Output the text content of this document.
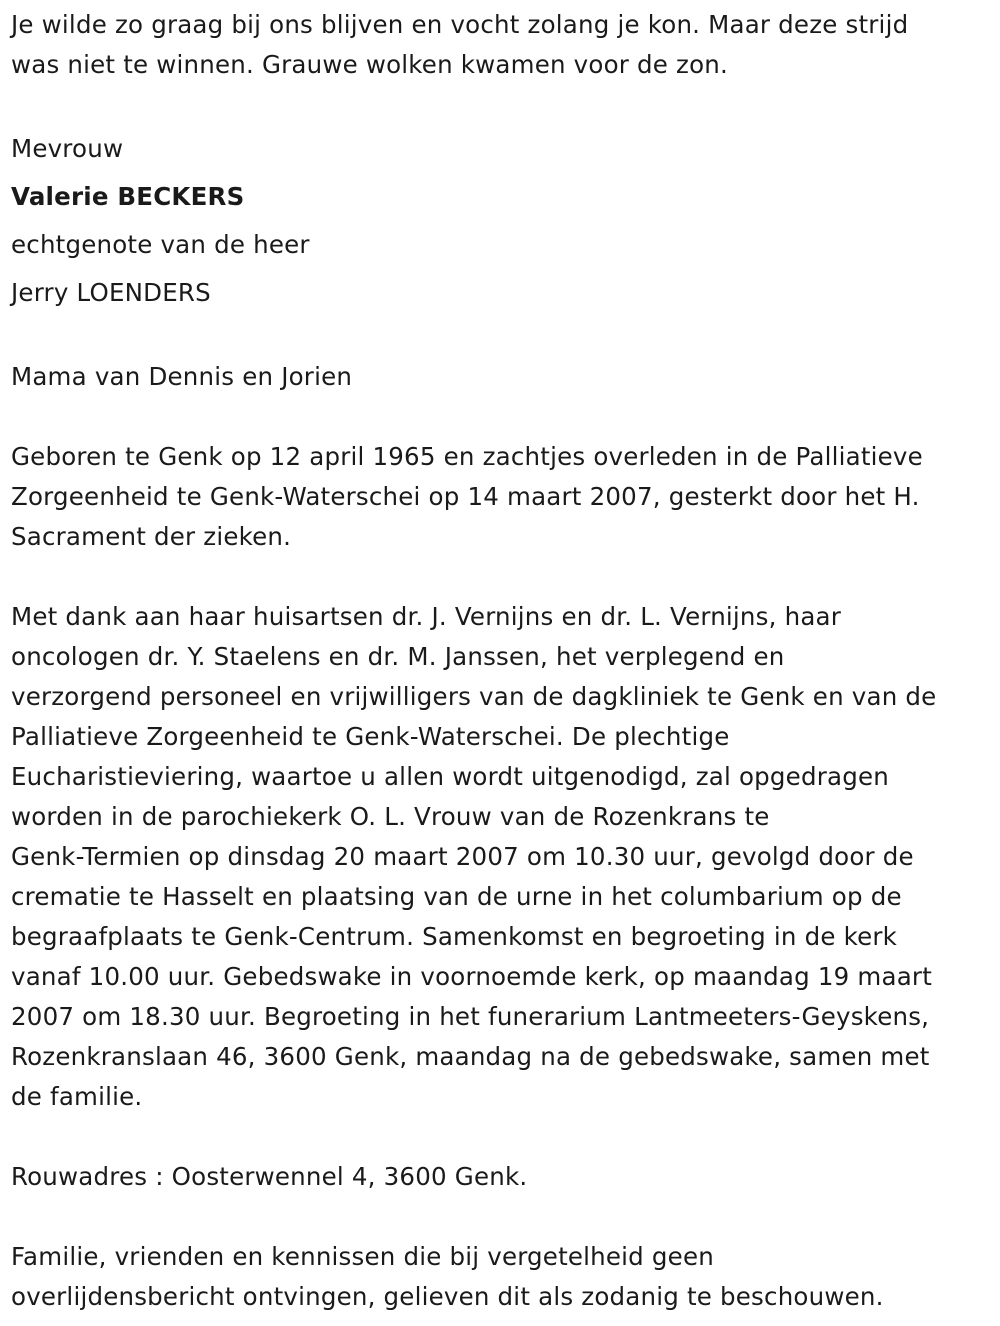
Je wilde zo graag bij ons blijven en vocht zolang je kon. Maar deze strijd
was niet te winnen. Grauwe wolken kwamen voor de zon.
Mevrouw
Valerie BECKERS
echtgenote van de heer
Jerry LOENDERS
Mama van Dennis en Jorien
Geboren te Genk op 12 april 1965 en zachtjes overleden in de Palliatieve
Zorgeenheid te Genk-Waterschei op 14 maart 2007, gesterkt door het H.
Sacrament der zieken.
Met dank aan haar huisartsen dr. J. Vernijns en dr. L. Vernijns, haar
oncologen dr. Y. Staelens en dr. M. Janssen, het verplegend en
verzorgend personeel en vrijwilligers van de dagkliniek te Genk en van de
Palliatieve Zorgeenheid te Genk-Waterschei. De plechtige
Eucharistieviering, waartoe u allen wordt uitgenodigd, zal opgedragen
worden in de parochiekerk O. L. Vrouw van de Rozenkrans te
Genk-Termien op dinsdag 20 maart 2007 om 10.30 uur, gevolgd door de
crematie te Hasselt en plaatsing van de urne in het columbarium op de
begraafplaats te Genk-Centrum. Samenkomst en begroeting in de kerk
vanaf 10.00 uur. Gebedswake in voornoemde kerk, op maandag 19 maart
2007 om 18.30 uur. Begroeting in het funerarium Lantmeeters-Geyskens,
Rozenkranslaan 46, 3600 Genk, maandag na de gebedswake, samen met
de familie.
Rouwadres : Oosterwennel 4, 3600 Genk.
Familie, vrienden en kennissen die bij vergetelheid geen
overlijdensbericht ontvingen, gelieven dit als zodanig te beschouwen.
